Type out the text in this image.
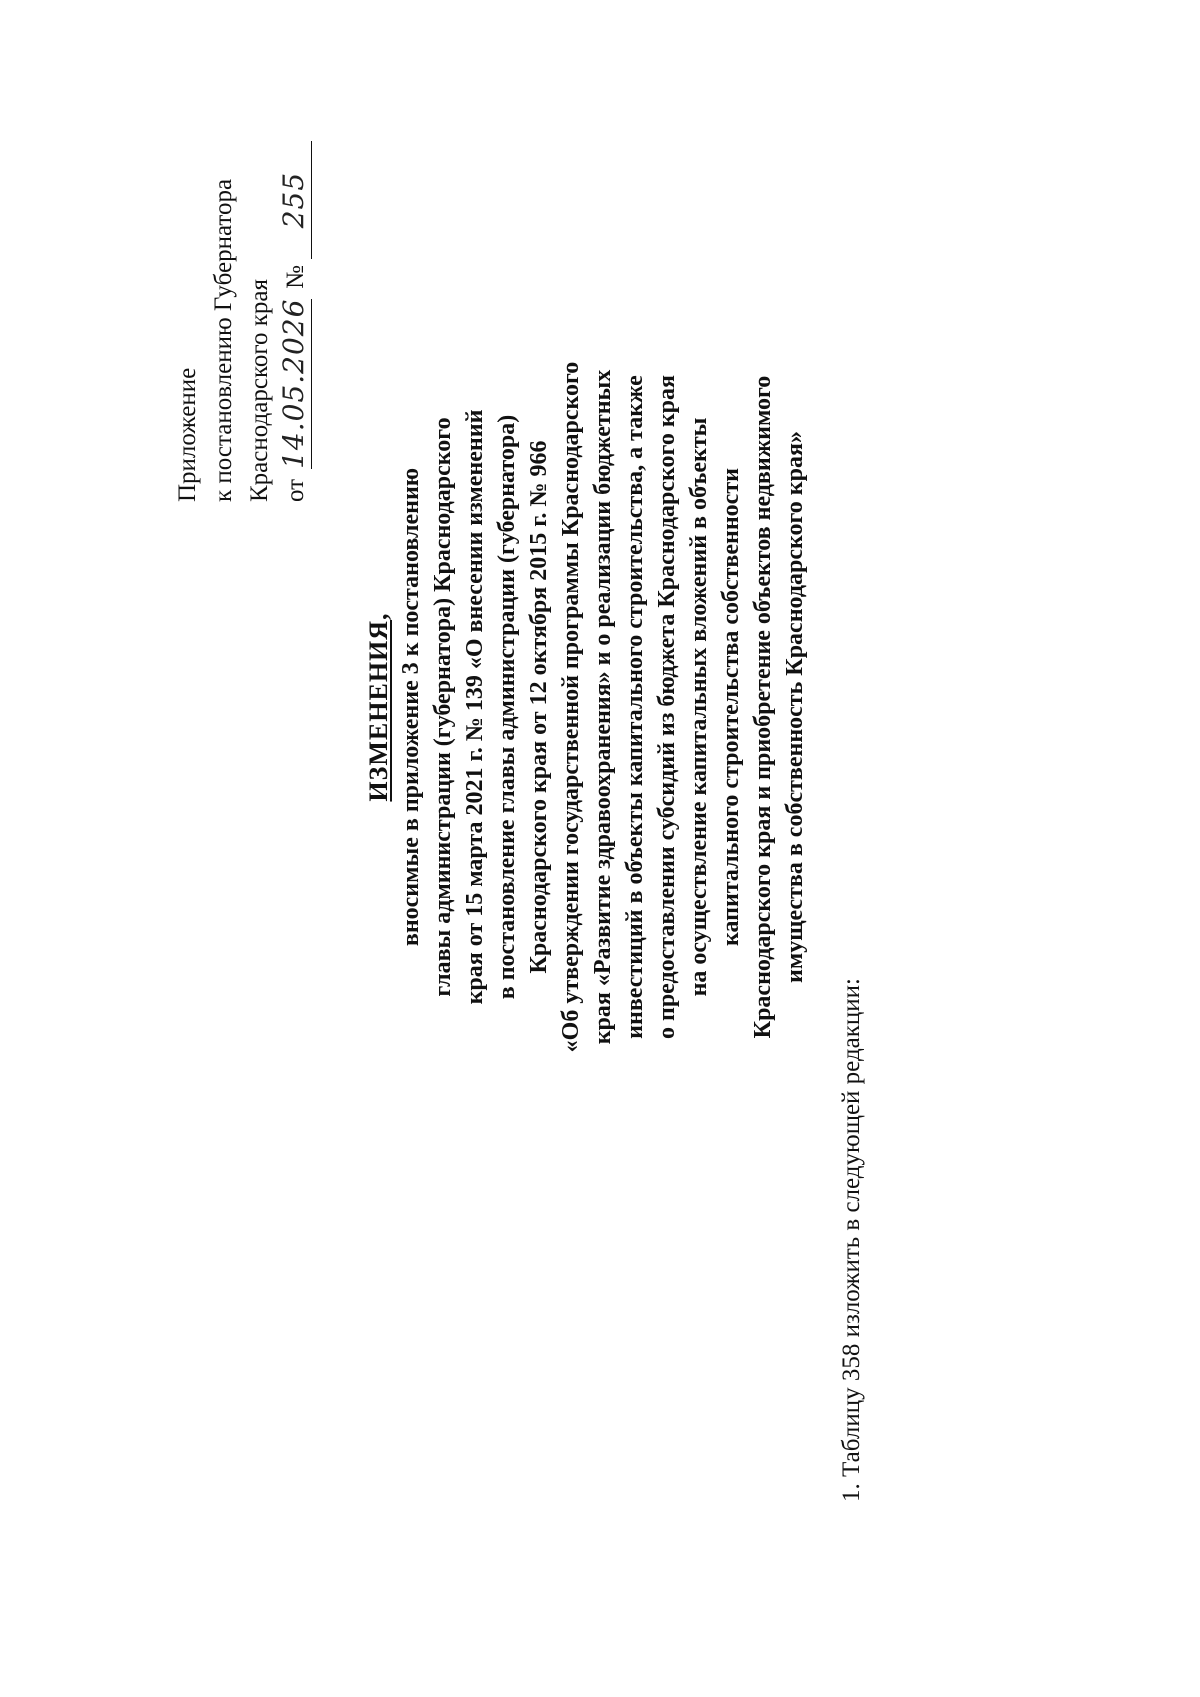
Приложение к постановлению Губернатора Краснодарского края от
14.05.2026
№
255
ИЗМЕНЕНИЯ, вносимые в приложение 3 к постановлению главы администрации (губернатора) Краснодарского края от 15 марта 2021 г. № 139 «О внесении изменений в постановление главы администрации (губернатора) Краснодарского края от 12 октября 2015 г. № 966 «Об утверждении государственной программы Краснодарского края «Развитие здравоохранения» и о реализации бюджетных инвестиций в объекты капитального строительства, а также о предоставлении субсидий из бюджета Краснодарского края на осуществление капитальных вложений в объекты капитального строительства собственности Краснодарского края и приобретение объектов недвижимого имущества в собственность Краснодарского края»
1. Таблицу 358 изложить в следующей редакции:
